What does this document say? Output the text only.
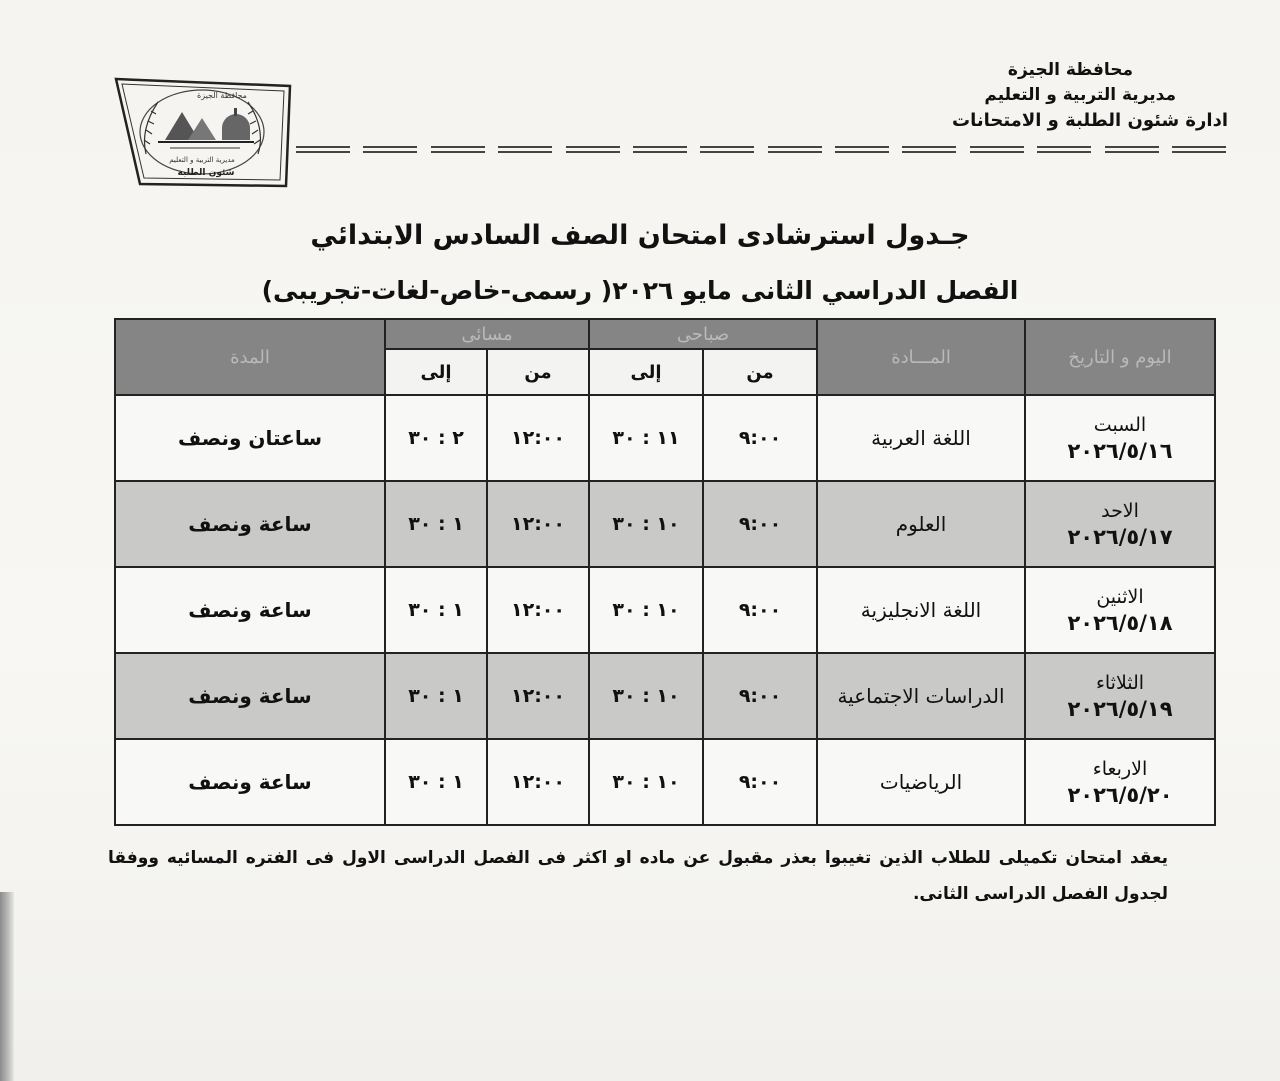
محافظة الجيزة
مديرية التربية و التعليم
ادارة شئون الطلبة و الامتحانات
محافظة الجيزة
مديرية التربية و التعليم
شئون الطلبة
جـدول استرشادى امتحان الصف السادس الابتدائي
الفصل الدراسي الثانى مايو ٢٠٢٦( رسمى-خاص-لغات-تجريبى)
اليوم و التاريخ	المـــادة	صباحى		مسائى		المدة
		من	إلى	من	إلى	

السبت
٢٠٢٦/٥/١٦	اللغة العربية	٩:٠٠	١١ : ٣٠	١٢:٠٠	٢ : ٣٠	ساعتان ونصف

الاحد
٢٠٢٦/٥/١٧	العلوم	٩:٠٠	١٠ : ٣٠	١٢:٠٠	١ : ٣٠	ساعة ونصف

الاثنين
٢٠٢٦/٥/١٨	اللغة الانجليزية	٩:٠٠	١٠ : ٣٠	١٢:٠٠	١ : ٣٠	ساعة ونصف

الثلاثاء
٢٠٢٦/٥/١٩	الدراسات الاجتماعية	٩:٠٠	١٠ : ٣٠	١٢:٠٠	١ : ٣٠	ساعة ونصف

الاربعاء
٢٠٢٦/٥/٢٠	الرياضيات	٩:٠٠	١٠ : ٣٠	١٢:٠٠	١ : ٣٠	ساعة ونصف
يعقد امتحان تكميلى للطلاب الذين تغيبوا بعذر مقبول عن ماده او اكثر فى الفصل الدراسى الاول فى الفتره المسائيه ووفقا لجدول الفصل الدراسى الثانى.
